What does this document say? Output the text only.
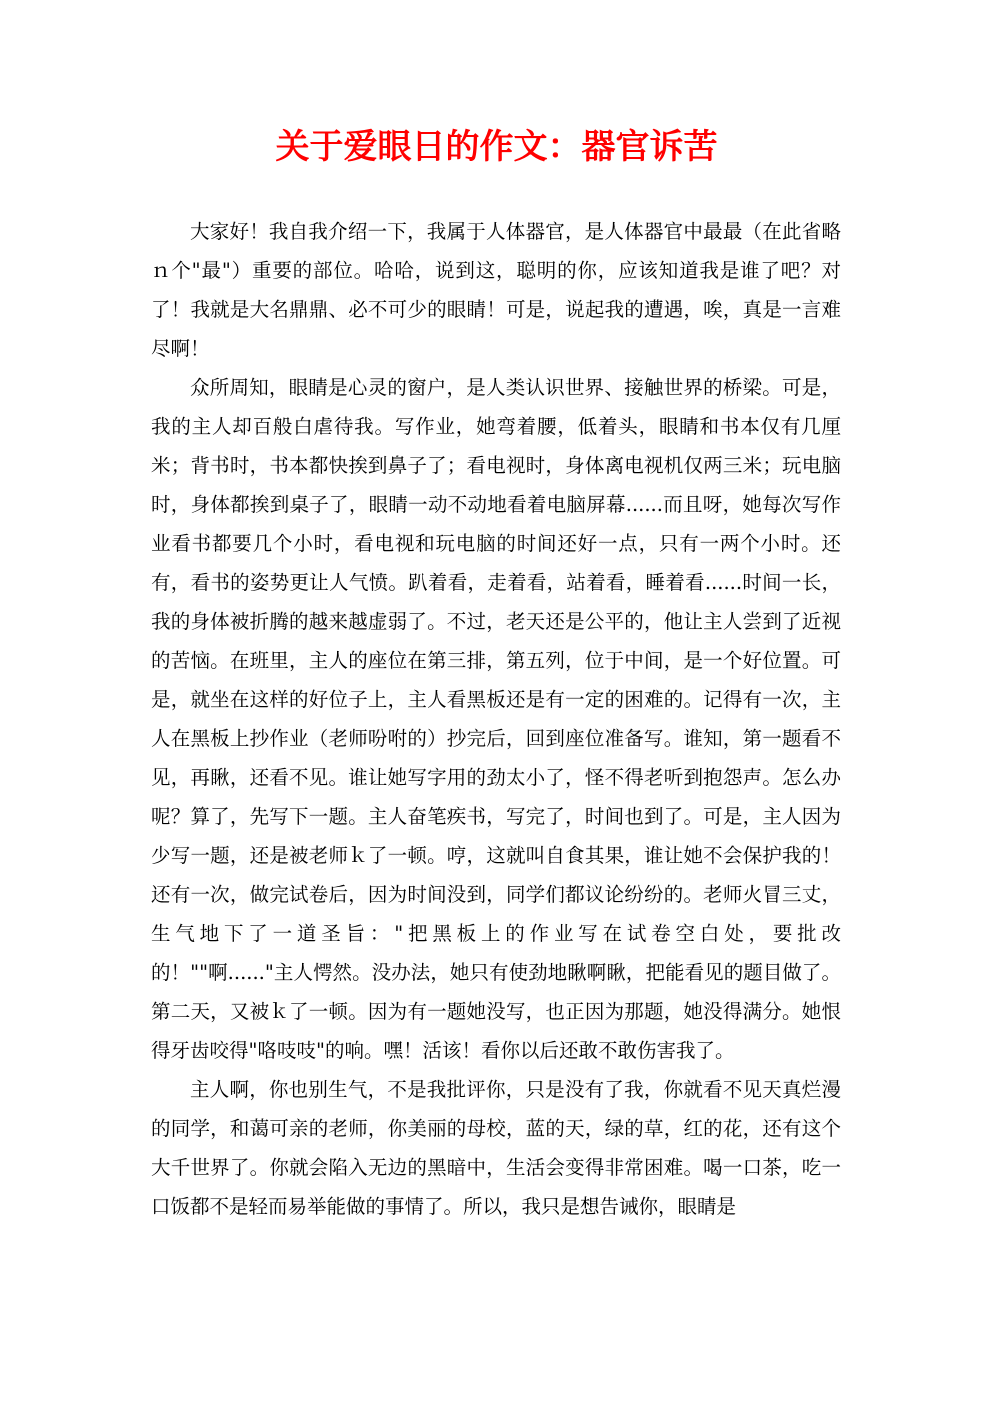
关于爱眼日的作文：器官诉苦

大家好！我自我介绍一下，我属于人体器官，是人体器官中最最（在此省略ｎ个"最"）重要的部位。哈哈，说到这，聪明的你，应该知道我是谁了吧？对了！我就是大名鼎鼎、必不可少的眼睛！可是，说起我的遭遇，唉，真是一言难尽啊！

众所周知，眼睛是心灵的窗户，是人类认识世界、接触世界的桥梁。可是，我的主人却百般白虐待我。写作业，她弯着腰，低着头，眼睛和书本仅有几厘米；背书时，书本都快挨到鼻子了；看电视时，身体离电视机仅两三米；玩电脑时，身体都挨到桌子了，眼睛一动不动地看着电脑屏幕......而且呀，她每次写作业看书都要几个小时，看电视和玩电脑的时间还好一点，只有一两个小时。还有，看书的姿势更让人气愤。趴着看，走着看，站着看，睡着看......时间一长，我的身体被折腾的越来越虚弱了。不过，老天还是公平的，他让主人尝到了近视的苦恼。在班里，主人的座位在第三排，第五列，位于中间，是一个好位置。可是，就坐在这样的好位子上，主人看黑板还是有一定的困难的。记得有一次，主人在黑板上抄作业（老师吩咐的）抄完后，回到座位准备写。谁知，第一题看不见，再瞅，还看不见。谁让她写字用的劲太小了，怪不得老听到抱怨声。怎么办呢？算了，先写下一题。主人奋笔疾书，写完了，时间也到了。可是，主人因为少写一题，还是被老师ｋ了一顿。哼，这就叫自食其果，谁让她不会保护我的！还有一次，做完试卷后，因为时间没到，同学们都议论纷纷的。老师火冒三丈，生气地下了一道圣旨："把黑板上的作业写在试卷空白处，要批改的！""啊......"主人愕然。没办法，她只有使劲地瞅啊瞅，把能看见的题目做了。第二天，又被ｋ了一顿。因为有一题她没写，也正因为那题，她没得满分。她恨得牙齿咬得"咯吱吱"的响。嘿！活该！看你以后还敢不敢伤害我了。

主人啊，你也别生气，不是我批评你，只是没有了我，你就看不见天真烂漫的同学，和蔼可亲的老师，你美丽的母校，蓝的天，绿的草，红的花，还有这个大千世界了。你就会陷入无边的黑暗中，生活会变得非常困难。喝一口茶，吃一口饭都不是轻而易举能做的事情了。所以，我只是想告诫你，眼睛是
